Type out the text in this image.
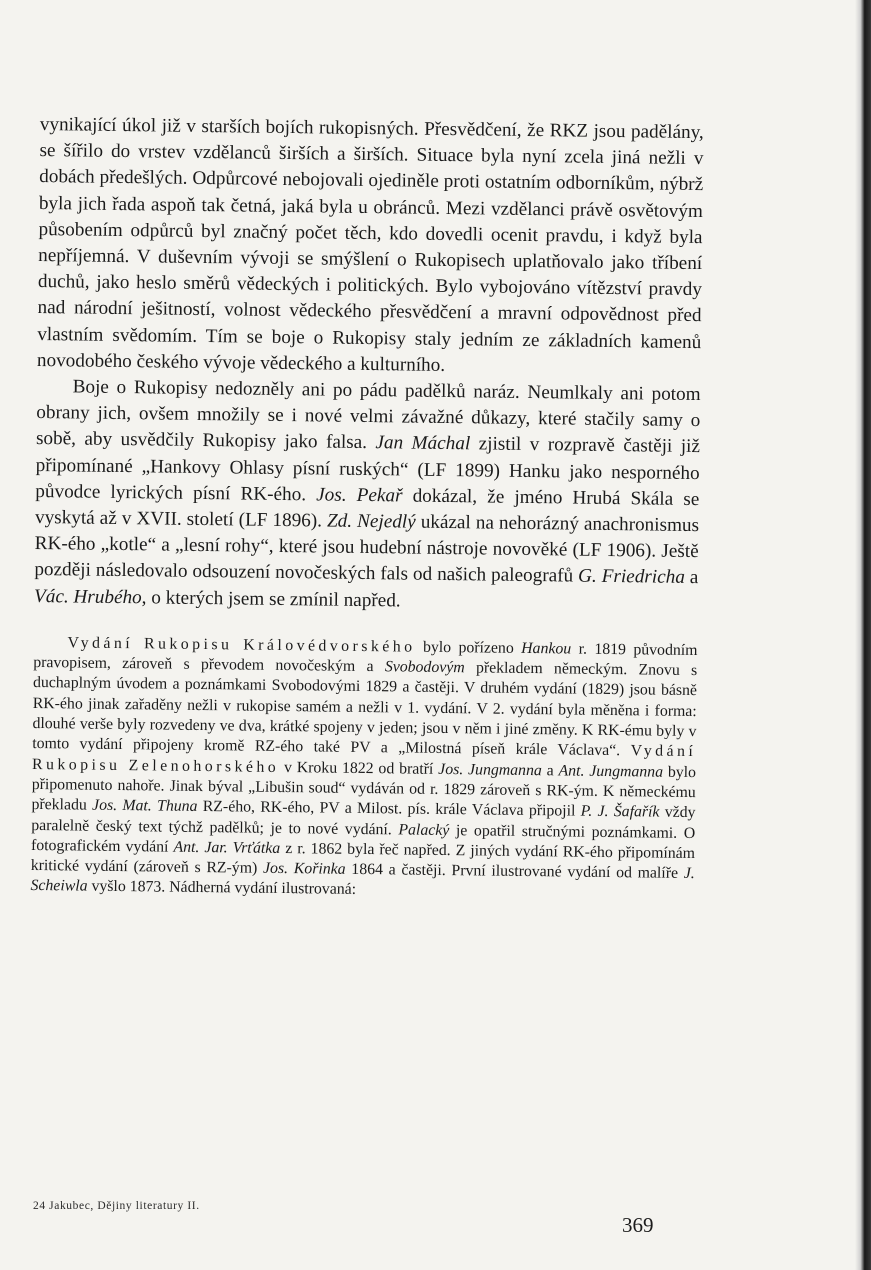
vynikající úkol již v starších bojích rukopisných. Přesvědčení, že RKZ jsou padělány, se šířilo do vrstev vzdělanců širších a širších. Situace byla nyní zcela jiná nežli v dobách předešlých. Odpůrcové nebojovali ojediněle proti ostatním odborníkům, nýbrž byla jich řada aspoň tak četná, jaká byla u obránců. Mezi vzdělanci právě osvětovým působením odpůrců byl značný počet těch, kdo dovedli ocenit pravdu, i když byla nepříjemná. V duševním vývoji se smýšlení o Rukopisech uplatňovalo jako tříbení duchů, jako heslo směrů vědeckých i politických. Bylo vybojováno vítězství pravdy nad národní ješitností, volnost vědeckého přesvědčení a mravní odpovědnost před vlastním svědomím. Tím se boje o Rukopisy staly jedním ze základních kamenů novodobého českého vývoje vědeckého a kulturního.

Boje o Rukopisy nedozněly ani po pádu padělků naráz. Neumlkaly ani potom obrany jich, ovšem množily se i nové velmi závažné důkazy, které stačily samy o sobě, aby usvědčily Rukopisy jako falsa. Jan Máchal zjistil v rozpravě častěji již připomínané „Hankovy Ohlasy písní ruských“ (LF 1899) Hanku jako nesporného původce lyrických písní RK-ého. Jos. Pekař dokázal, že jméno Hrubá Skála se vyskytá až v XVII. století (LF 1896). Zd. Nejedlý ukázal na nehorázný anachronismus RK-ého „kotle“ a „lesní rohy“, které jsou hudební nástroje novověké (LF 1906). Ještě později následovalo odsouzení novočeských fals od našich paleografů G. Friedricha a Vác. Hrubého, o kterých jsem se zmínil napřed.

Vydání Rukopisu Královédvorského bylo pořízeno Hankou r. 1819 původním pravopisem, zároveň s převodem novočeským a Svobodovým překladem německým. Znovu s duchaplným úvodem a poznámkami Svobodovými 1829 a častěji. V druhém vydání (1829) jsou básně RK-ého jinak zařaděny nežli v rukopise samém a nežli v 1. vydání. V 2. vydání byla měněna i forma: dlouhé verše byly rozvedeny ve dva, krátké spojeny v jeden; jsou v něm i jiné změny. K RK-ému byly v tomto vydání připojeny kromě RZ-ého také PV a „Milostná píseň krále Václava“. Vydání Rukopisu Zelenohorského v Kroku 1822 od bratří Jos. Jungmanna a Ant. Jungmanna bylo připomenuto nahoře. Jinak býval „Libušin soud“ vydáván od r. 1829 zároveň s RK-ým. K německému překladu Jos. Mat. Thuna RZ-ého, RK-ého, PV a Milost. pís. krále Václava připojil P. J. Šafařík vždy paralelně český text týchž padělků; je to nové vydání. Palacký je opatřil stručnými poznámkami. O fotografickém vydání Ant. Jar. Vrťátka z r. 1862 byla řeč napřed. Z jiných vydání RK-ého připomínám kritické vydání (zároveň s RZ-ým) Jos. Kořinka 1864 a častěji. První ilustrované vydání od malíře J. Scheiwla vyšlo 1873. Nádherná vydání ilustrovaná:

24 Jakubec, Dějiny literatury II.
369
